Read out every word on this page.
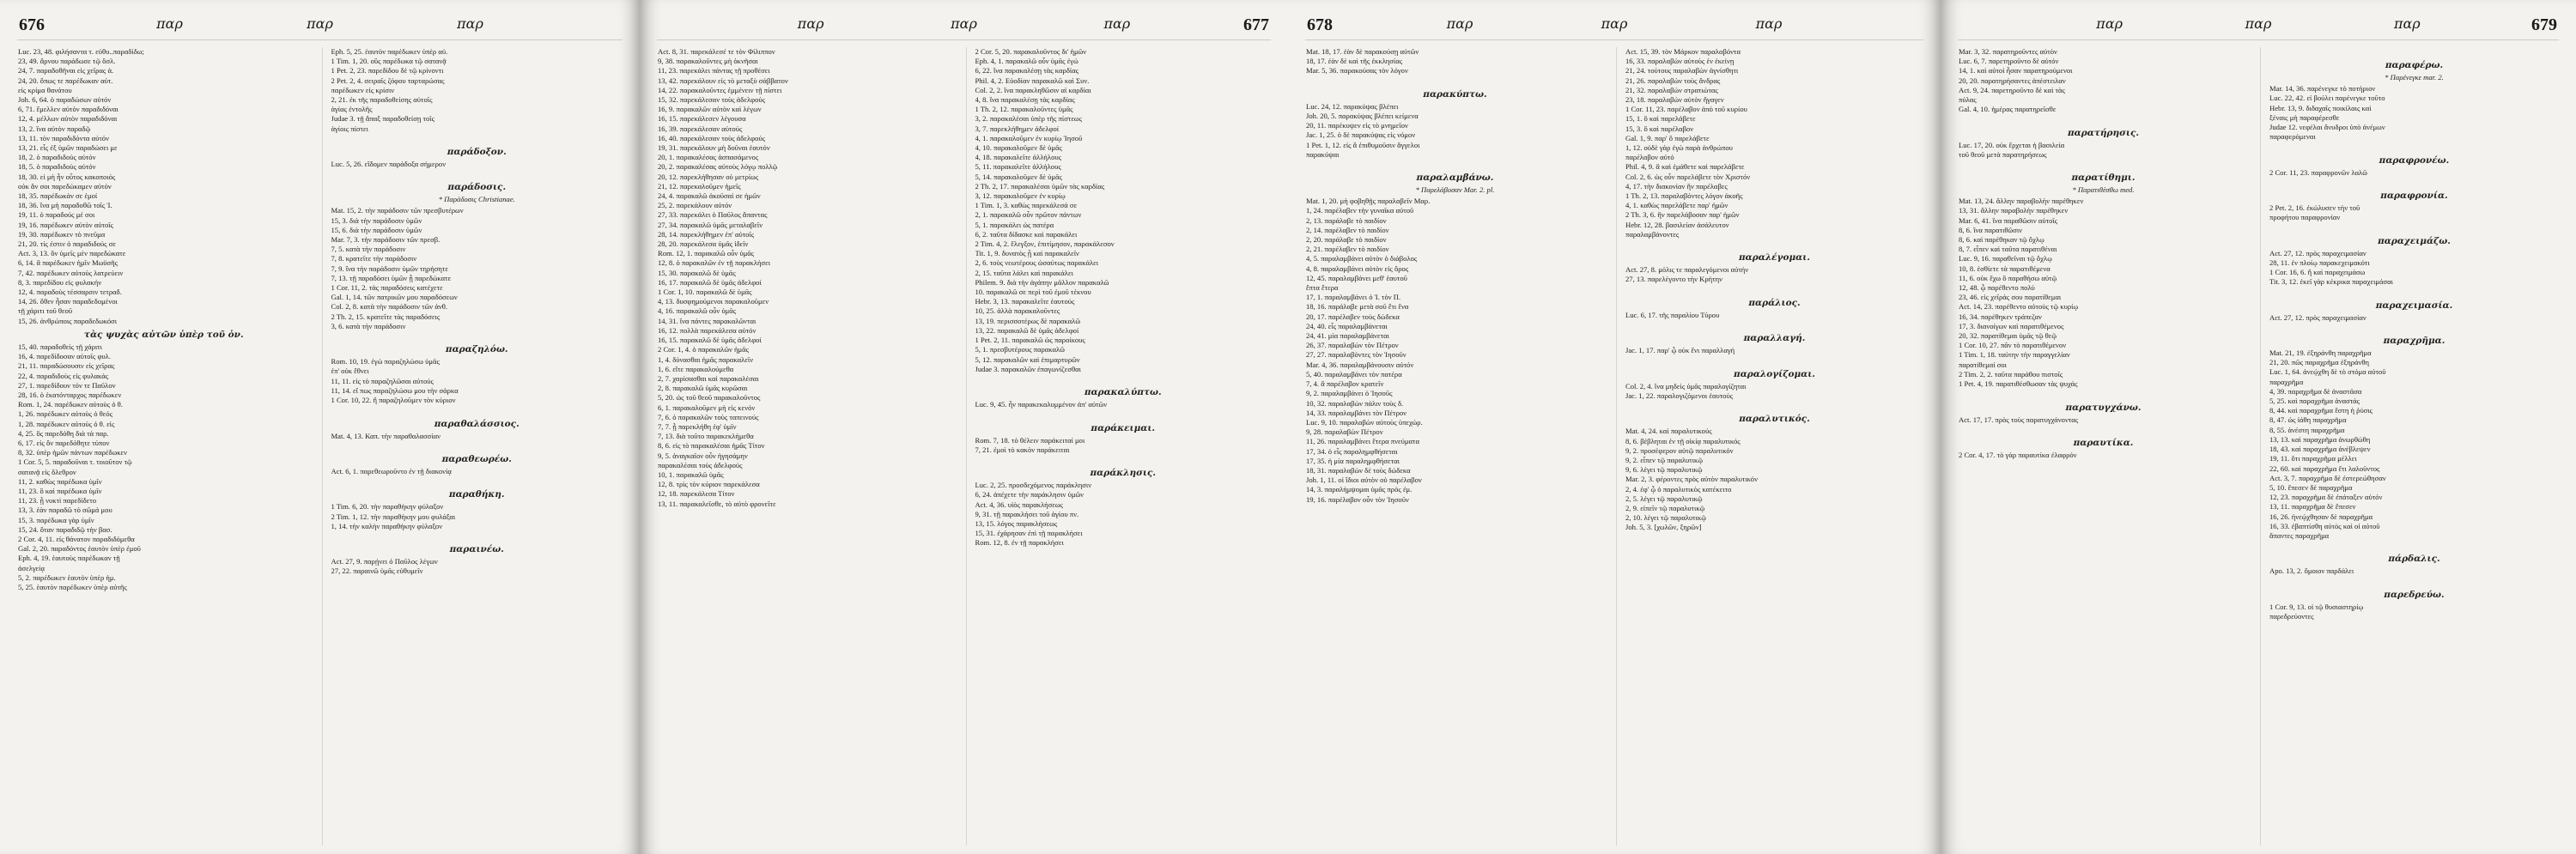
676	παρ	παρ	παρ
Luc. 23, 48. φιλήσαντα τ. εὐθυ..παραδίδω;
23, 49. ἄρνου παράδωσε τῷ ὅσλ.
24, 7. παραδοθῆναι εἰς χεῖρας ἀ.
24, 20. ὅπως τε παρέδωκαν αὐτ.
εἰς κρίμα θανάτου
Joh. 6, 64. ὁ παραδώσων αὐτόν
6, 71. ἔμελλεν αὐτὸν παραδιδόναι
12, 4. μέλλων αὐτὸν παραδιδόναι
13, 2. ἵνα αὐτὸν παραδῷ
13, 11. τὸν παραδιδόντα αὐτόν
13, 21. εἷς ἐξ ὑμῶν παραδώσει με
18, 2. ὁ παραδιδοὺς αὐτόν
18, 5. ὁ παραδιδοὺς αὐτόν
18, 30. εἰ μὴ ἦν οὗτος κακοποιός
οὐκ ἄν σοι παρεδώκαμεν αὐτόν
18, 35. παρέδωκάν σε ἐμοί
18, 36. ἵνα μὴ παραδοθῶ τοῖς Ἰ.
19, 11. ὁ παραδούς μέ σοι
19, 16. παρέδωκεν αὐτὸν αὐτοῖς
19, 30. παρέδωκεν τὸ πνεῦμα
21, 20. τίς ἐστιν ὁ παραδιδούς σε
Act. 3, 13. ὃν ὑμεῖς μὲν παρεδώκατε
6, 14. ἃ παρέδωκεν ἡμῖν Μωϋσῆς
7, 42. παρέδωκεν αὐτοὺς λατρεύειν
8, 3. παρεδίδου εἰς φυλακήν
12, 4. παραδοὺς τέσσαρσιν τετραδ.
14, 26. ὅθεν ἦσαν παραδεδομένοι
τῇ χάριτι τοῦ θεοῦ
15, 26. ἀνθρώποις παραδεδωκόσι
τὰς ψυχὰς αὐτῶν ὑπὲρ τοῦ ὀν.
15, 40. παραδοθεὶς τῇ χάριτι
16, 4. παρεδίδοσαν αὐτοῖς φυλ.
21, 11. παραδώσουσιν εἰς χεῖρας
22, 4. παραδιδοὺς εἰς φυλακάς
27, 1. παρεδίδουν τόν τε Παῦλον
28, 16. ὁ ἑκατόνταρχος παρέδωκεν
Rom. 1, 24. παρέδωκεν αὐτοὺς ὁ θ.
1, 26. παρέδωκεν αὐτοὺς ὁ θεός
1, 28. παρέδωκεν αὐτοὺς ὁ θ. εἰς
4, 25. ὃς παρεδόθη διὰ τὰ παρ.
6, 17. εἰς ὃν παρεδόθητε τύπον
8, 32. ὑπὲρ ἡμῶν πάντων παρέδωκεν
1 Cor. 5, 5. παραδοῦναι τ. τοιοῦτον τῷ
σατανᾷ εἰς ὄλεθρον
11, 2. καθὼς παρέδωκα ὑμῖν
11, 23. ὃ καὶ παρέδωκα ὑμῖν
11, 23. ᾗ νυκτὶ παρεδίδετο
13, 3. ἐὰν παραδῶ τὸ σῶμά μου
15, 3. παρέδωκα γὰρ ὑμῖν
15, 24. ὅταν παραδιδῷ τὴν βασ.
2 Cor. 4, 11. εἰς θάνατον παραδιδόμεθα
Gal. 2, 20. παραδόντος ἑαυτὸν ὑπὲρ ἐμοῦ
Eph. 4, 19. ἑαυτοὺς παρέδωκαν τῇ
ἀσελγείᾳ
5, 2. παρέδωκεν ἑαυτὸν ὑπὲρ ἡμ.
5, 25. ἑαυτὸν παρέδωκεν ὑπὲρ αὐτῆς
Eph. 5, 25. ἑαυτὸν παρέδωκεν ὑπὲρ αὐ.
1 Tim. 1, 20. οὓς παρέδωκα τῷ σατανᾷ
1 Pet. 2, 23. παρεδίδου δὲ τῷ κρίνοντι
2 Pet. 2, 4. σειραῖς ζόφου ταρταρώσας
παρέδωκεν εἰς κρίσιν
2, 21. ἐκ τῆς παραδοθείσης αὐτοῖς
ἁγίας ἐντολῆς
Judae 3. τῇ ἅπαξ παραδοθείσῃ τοῖς
ἁγίοις πίστει

παράδοξον.
Luc. 5, 26. εἴδομεν παράδοξα σήμερον

παράδοσις.
* Παράδοσις Christianae.
Mat. 15, 2. τὴν παράδοσιν τῶν πρεσβυτέρων
15, 3. διὰ τὴν παράδοσιν ὑμῶν
15, 6. διὰ τὴν παράδοσιν ὑμῶν
Mar. 7, 3. τὴν παράδοσιν τῶν πρεσβ.
7, 5. κατὰ τὴν παράδοσιν
7, 8. κρατεῖτε τὴν παράδοσιν
7, 9. ἵνα τὴν παράδοσιν ὑμῶν τηρήσητε
7, 13. τῇ παραδόσει ὑμῶν ᾗ παρεδώκατε
1 Cor. 11, 2. τὰς παραδόσεις κατέχετε
Gal. 1, 14. τῶν πατρικῶν μου παραδόσεων
Col. 2, 8. κατὰ τὴν παράδοσιν τῶν ἀνθ.
2 Th. 2, 15. κρατεῖτε τὰς παραδόσεις
3, 6. κατὰ τὴν παράδοσιν

παραζηλόω.
Rom. 10, 19. ἐγὼ παραζηλώσω ὑμᾶς
ἐπ' οὐκ ἔθνει
11, 11. εἰς τὸ παραζηλῶσαι αὐτούς
11, 14. εἴ πως παραζηλώσω μου τὴν σάρκα
1 Cor. 10, 22. ἢ παραζηλοῦμεν τὸν κύριον

παραθαλάσσιος.
Mat. 4, 13. Καπ. τὴν παραθαλασσίαν

παραθεωρέω.
Act. 6, 1. παρεθεωροῦντο ἐν τῇ διακονίᾳ

παραθήκη.
1 Tim. 6, 20. τὴν παραθήκην φύλαξον
2 Tim. 1, 12. τὴν παραθήκην μου φυλάξαι
1, 14. τὴν καλὴν παραθήκην φύλαξον

παραινέω.
Act. 27, 9. παρῄνει ὁ Παῦλος λέγων
27, 22. παραινῶ ὑμᾶς εὐθυμεῖν
παρ	παρ	παρ	677
Act. 8, 31. παρεκάλεσέ τε τὸν Φίλιππον
9, 38. παρακαλοῦντες μὴ ὀκνῆσαι
11, 23. παρεκάλει πάντας τῇ προθέσει
13, 42. παρεκάλουν εἰς τὸ μεταξὺ σάββατον
14, 22. παρακαλοῦντες ἐμμένειν τῇ πίστει
15, 32. παρεκάλεσαν τοὺς ἀδελφούς
16, 9. παρακαλῶν αὐτὸν καὶ λέγων
16, 15. παρεκάλεσεν λέγουσα
16, 39. παρεκάλεσαν αὐτούς
16, 40. παρεκάλεσαν τοὺς ἀδελφούς
19, 31. παρεκάλουν μὴ δοῦναι ἑαυτόν
20, 1. παρακαλέσας ἀσπασάμενος
20, 2. παρακαλέσας αὐτοὺς λόγῳ πολλῷ
20, 12. παρεκλήθησαν οὐ μετρίως
21, 12. παρεκαλοῦμεν ἡμεῖς
24, 4. παρακαλῶ ἀκοῦσαί σε ἡμῶν
25, 2. παρεκάλουν αὐτόν
27, 33. παρεκάλει ὁ Παῦλος ἅπαντας
27, 34. παρακαλῶ ὑμᾶς μεταλαβεῖν
28, 14. παρεκλήθημεν ἐπ' αὐτοῖς
28, 20. παρεκάλεσα ὑμᾶς ἰδεῖν
Rom. 12, 1. παρακαλῶ οὖν ὑμᾶς
12, 8. ὁ παρακαλῶν ἐν τῇ παρακλήσει
15, 30. παρακαλῶ δὲ ὑμᾶς
16, 17. παρακαλῶ δὲ ὑμᾶς ἀδελφοί
1 Cor. 1, 10. παρακαλῶ δὲ ὑμᾶς
4, 13. δυσφημούμενοι παρακαλοῦμεν
4, 16. παρακαλῶ οὖν ὑμᾶς
14, 31. ἵνα πάντες παρακαλῶνται
16, 12. πολλὰ παρεκάλεσα αὐτόν
16, 15. παρακαλῶ δὲ ὑμᾶς ἀδελφοί
2 Cor. 1, 4. ὁ παρακαλῶν ἡμᾶς
1, 4. δύνασθαι ἡμᾶς παρακαλεῖν
1, 6. εἴτε παρακαλούμεθα
2, 7. χαρίσασθαι καὶ παρακαλέσαι
2, 8. παρακαλῶ ὑμᾶς κυρῶσαι
5, 20. ὡς τοῦ θεοῦ παρακαλοῦντος
6, 1. παρακαλοῦμεν μὴ εἰς κενόν
7, 6. ὁ παρακαλῶν τοὺς ταπεινούς
7, 7. ᾗ παρεκλήθη ἐφ' ὑμῖν
7, 13. διὰ τοῦτο παρακεκλήμεθα
8, 6. εἰς τὸ παρακαλέσαι ἡμᾶς Τίτον
9, 5. ἀναγκαῖον οὖν ἡγησάμην
παρακαλέσαι τοὺς ἀδελφούς
10, 1. παρακαλῶ ὑμᾶς
12, 8. τρὶς τὸν κύριον παρεκάλεσα
12, 18. παρεκάλεσα Τίτον
13, 11. παρακαλεῖσθε, τὸ αὐτὸ φρονεῖτε
2 Cor. 5, 20. παρακαλοῦντος δι' ἡμῶν
Eph. 4, 1. παρακαλῶ οὖν ὑμᾶς ἐγώ
6, 22. ἵνα παρακαλέσῃ τὰς καρδίας
Phil. 4, 2. Εὐοδίαν παρακαλῶ καὶ Συν.
Col. 2, 2. ἵνα παρακληθῶσιν αἱ καρδίαι
4, 8. ἵνα παρακαλέσῃ τὰς καρδίας
1 Th. 2, 12. παρακαλοῦντες ὑμᾶς
3, 2. παρακαλέσαι ὑπὲρ τῆς πίστεως
3, 7. παρεκλήθημεν ἀδελφοί
4, 1. παρακαλοῦμεν ἐν κυρίῳ Ἰησοῦ
4, 10. παρακαλοῦμεν δὲ ὑμᾶς
4, 18. παρακαλεῖτε ἀλλήλους
5, 11. παρακαλεῖτε ἀλλήλους
5, 14. παρακαλοῦμεν δὲ ὑμᾶς
2 Th. 2, 17. παρακαλέσαι ὑμῶν τὰς καρδίας
3, 12. παρακαλοῦμεν ἐν κυρίῳ
1 Tim. 1, 3. καθὼς παρεκάλεσά σε
2, 1. παρακαλῶ οὖν πρῶτον πάντων
5, 1. παρακάλει ὡς πατέρα
6, 2. ταῦτα δίδασκε καὶ παρακάλει
2 Tim. 4, 2. ἔλεγξον, ἐπιτίμησον, παρακάλεσον
Tit. 1, 9. δυνατὸς ᾖ καὶ παρακαλεῖν
2, 6. τοὺς νεωτέρους ὡσαύτως παρακάλει
2, 15. ταῦτα λάλει καὶ παρακάλει
Philem. 9. διὰ τὴν ἀγάπην μᾶλλον παρακαλῶ
10. παρακαλῶ σε περὶ τοῦ ἐμοῦ τέκνου
Hebr. 3, 13. παρακαλεῖτε ἑαυτούς
10, 25. ἀλλὰ παρακαλοῦντες
13, 19. περισσοτέρως δὲ παρακαλῶ
13, 22. παρακαλῶ δὲ ὑμᾶς ἀδελφοί
1 Pet. 2, 11. παρακαλῶ ὡς παροίκους
5, 1. πρεσβυτέρους παρακαλῶ
5, 12. παρακαλῶν καὶ ἐπιμαρτυρῶν
Judae 3. παρακαλῶν ἐπαγωνίζεσθαι

παρακαλύπτω.
Luc. 9, 45. ἦν παρακεκαλυμμένον ἀπ' αὐτῶν

παράκειμαι.
Rom. 7, 18. τὸ θέλειν παράκειταί μοι
7, 21. ἐμοὶ τὸ κακὸν παράκειται

παράκλησις.
Luc. 2, 25. προσδεχόμενος παράκλησιν
6, 24. ἀπέχετε τὴν παράκλησιν ὑμῶν
Act. 4, 36. υἱὸς παρακλήσεως
9, 31. τῇ παρακλήσει τοῦ ἁγίου πν.
13, 15. λόγος παρακλήσεως
15, 31. ἐχάρησαν ἐπὶ τῇ παρακλήσει
Rom. 12, 8. ἐν τῇ παρακλήσει
678	παρ	παρ	παρ
Mat. 18, 17. ἐὰν δὲ παρακούσῃ αὐτῶν
18, 17. ἐὰν δὲ καὶ τῆς ἐκκλησίας
Mar. 5, 36. παρακούσας τὸν λόγον

παρακύπτω.
Luc. 24, 12. παρακύψας βλέπει
Joh. 20, 5. παρακύψας βλέπει κείμενα
20, 11. παρέκυψεν εἰς τὸ μνημεῖον
Jac. 1, 25. ὁ δὲ παρακύψας εἰς νόμον
1 Pet. 1, 12. εἰς ἃ ἐπιθυμοῦσιν ἄγγελοι
παρακύψαι

παραλαμβάνω.
* Παρελάβοσαν Mar. 2. pl.
Mat. 1, 20. μὴ φοβηθῇς παραλαβεῖν Μαρ.
1, 24. παρέλαβεν τὴν γυναῖκα αὐτοῦ
2, 13. παράλαβε τὸ παιδίον
2, 14. παρέλαβεν τὸ παιδίον
2, 20. παράλαβε τὸ παιδίον
2, 21. παρέλαβεν τὸ παιδίον
4, 5. παραλαμβάνει αὐτὸν ὁ διάβολος
4, 8. παραλαμβάνει αὐτὸν εἰς ὄρος
12, 45. παραλαμβάνει μεθ' ἑαυτοῦ
ἕπτα ἕτερα
17, 1. παραλαμβάνει ὁ Ἰ. τὸν Π.
18, 16. παράλαβε μετὰ σοῦ ἔτι ἕνα
20, 17. παρέλαβεν τοὺς δώδεκα
24, 40. εἷς παραλαμβάνεται
24, 41. μία παραλαμβάνεται
26, 37. παραλαβὼν τὸν Πέτρον
27, 27. παραλαβόντες τὸν Ἰησοῦν
Mar. 4, 36. παραλαμβάνουσιν αὐτόν
5, 40. παραλαμβάνει τὸν πατέρα
7, 4. ἃ παρέλαβον κρατεῖν
9, 2. παραλαμβάνει ὁ Ἰησοῦς
10, 32. παραλαβὼν πάλιν τοὺς δ.
14, 33. παραλαμβάνει τὸν Πέτρον
Luc. 9, 10. παραλαβὼν αὐτοὺς ὑπεχώρ.
9, 28. παραλαβὼν Πέτρον
11, 26. παραλαμβάνει ἕτερα πνεύματα
17, 34. ὁ εἷς παραλημφθήσεται
17, 35. ἡ μία παραλημφθήσεται
18, 31. παραλαβὼν δὲ τοὺς δώδεκα
Joh. 1, 11. οἱ ἴδιοι αὐτὸν οὐ παρέλαβον
14, 3. παραλήμψομαι ὑμᾶς πρὸς ἐμ.
19, 16. παρέλαβον οὖν τὸν Ἰησοῦν
Act. 15, 39. τὸν Μάρκον παραλαβόντα
16, 33. παραλαβὼν αὐτοὺς ἐν ἐκείνῃ
21, 24. τούτους παραλαβὼν ἁγνίσθητι
21, 26. παραλαβὼν τοὺς ἄνδρας
21, 32. παραλαβὼν στρατιώτας
23, 18. παραλαβὼν αὐτὸν ἤγαγεν
1 Cor. 11, 23. παρέλαβον ἀπὸ τοῦ κυρίου
15, 1. ὃ καὶ παρελάβετε
15, 3. ὃ καὶ παρέλαβον
Gal. 1, 9. παρ' ὃ παρελάβετε
1, 12. οὐδὲ γὰρ ἐγὼ παρὰ ἀνθρώπου
παρέλαβον αὐτό
Phil. 4, 9. ἃ καὶ ἐμάθετε καὶ παρελάβετε
Col. 2, 6. ὡς οὖν παρελάβετε τὸν Χριστόν
4, 17. τὴν διακονίαν ἣν παρέλαβες
1 Th. 2, 13. παραλαβόντες λόγον ἀκοῆς
4, 1. καθὼς παρελάβετε παρ' ἡμῶν
2 Th. 3, 6. ἣν παρελάβοσαν παρ' ἡμῶν
Hebr. 12, 28. βασιλείαν ἀσάλευτον
παραλαμβάνοντες

παραλέγομαι.
Act. 27, 8. μόλις τε παραλεγόμενοι αὐτήν
27, 13. παρελέγοντο τὴν Κρήτην

παράλιος.
Luc. 6, 17. τῆς παραλίου Τύρου

παραλλαγή.
Jac. 1, 17. παρ' ᾧ οὐκ ἔνι παραλλαγή

παραλογίζομαι.
Col. 2, 4. ἵνα μηδεὶς ὑμᾶς παραλογίζηται
Jac. 1, 22. παραλογιζόμενοι ἑαυτούς

παραλυτικός.
Mat. 4, 24. καὶ παραλυτικούς
8, 6. βέβληται ἐν τῇ οἰκίᾳ παραλυτικός
9, 2. προσέφερον αὐτῷ παραλυτικόν
9, 2. εἶπεν τῷ παραλυτικῷ
9, 6. λέγει τῷ παραλυτικῷ
Mar. 2, 3. φέροντες πρὸς αὐτὸν παραλυτικόν
2, 4. ἐφ' ᾧ ὁ παραλυτικὸς κατέκειτο
2, 5. λέγει τῷ παραλυτικῷ
2, 9. εἰπεῖν τῷ παραλυτικῷ
2, 10. λέγει τῷ παραλυτικῷ
Joh. 5, 3. [χωλῶν, ξηρῶν]
παρ	παρ	παρ	679
Mar. 3, 32. παρατηροῦντες αὐτὸν
Luc. 6, 7. παρετηροῦντο δὲ αὐτόν
14, 1. καὶ αὐτοὶ ἦσαν παρατηρούμενοι
20, 20. παρατηρήσαντες ἀπέστειλαν
Act. 9, 24. παρετηροῦντο δὲ καὶ τὰς
πύλας
Gal. 4, 10. ἡμέρας παρατηρεῖσθε

παρατήρησις.
Luc. 17, 20. οὐκ ἔρχεται ἡ βασιλεία
τοῦ θεοῦ μετὰ παρατηρήσεως

παρατίθημι.
* Παρατιθέσθω med.
Mat. 13, 24. ἄλλην παραβολὴν παρέθηκεν
13, 31. ἄλλην παραβολὴν παρέθηκεν
Mar. 6, 41. ἵνα παραθῶσιν αὐτοῖς
8, 6. ἵνα παρατιθῶσιν
8, 6. καὶ παρέθηκαν τῷ ὄχλῳ
8, 7. εἶπεν καὶ ταῦτα παρατιθέναι
Luc. 9, 16. παραθεῖναι τῷ ὄχλῳ
10, 8. ἐσθίετε τὰ παρατιθέμενα
11, 6. οὐκ ἔχω ὃ παραθήσω αὐτῷ
12, 48. ᾧ παρέθεντο πολύ
23, 46. εἰς χεῖράς σου παρατίθεμαι
Act. 14, 23. παρέθεντο αὐτοὺς τῷ κυρίῳ
16, 34. παρέθηκεν τράπεζαν
17, 3. διανοίγων καὶ παρατιθέμενος
20, 32. παρατίθεμαι ὑμᾶς τῷ θεῷ
1 Cor. 10, 27. πᾶν τὸ παρατιθέμενον
1 Tim. 1, 18. ταύτην τὴν παραγγελίαν
παρατίθεμαί σοι
2 Tim. 2, 2. ταῦτα παράθου πιστοῖς
1 Pet. 4, 19. παρατιθέσθωσαν τὰς ψυχάς

παρατυγχάνω.
Act. 17, 17. πρὸς τοὺς παρατυγχάνοντας

παραυτίκα.
2 Cor. 4, 17. τὸ γὰρ παραυτίκα ἐλαφρόν

παραφέρω.
* Παρένεγκε mar. 2.
Mar. 14, 36. παρένεγκε τὸ ποτήριον
Luc. 22, 42. εἰ βούλει παρένεγκε τοῦτο
Hebr. 13, 9. διδαχαῖς ποικίλαις καὶ
ξέναις μὴ παραφέρεσθε
Judae 12. νεφέλαι ἄνυδροι ὑπὸ ἀνέμων
παραφερόμεναι

παραφρονέω.
2 Cor. 11, 23. παραφρονῶν λαλῶ

παραφρονία.
2 Pet. 2, 16. ἐκώλυσεν τὴν τοῦ
προφήτου παραφρονίαν

παραχειμάζω.
Act. 27, 12. πρὸς παραχειμασίαν
28, 11. ἐν πλοίῳ παρακεχειμακότι
1 Cor. 16, 6. ἢ καὶ παραχειμάσω
Tit. 3, 12. ἐκεῖ γὰρ κέκρικα παραχειμάσαι

παραχειμασία.
Act. 27, 12. πρὸς παραχειμασίαν

παραχρῆμα.
Mat. 21, 19. ἐξηράνθη παραχρῆμα
21, 20. πῶς παραχρῆμα ἐξηράνθη
Luc. 1, 64. ἀνεῴχθη δὲ τὸ στόμα αὐτοῦ
παραχρῆμα
4, 39. παραχρῆμα δὲ ἀναστᾶσα
5, 25. καὶ παραχρῆμα ἀναστάς
8, 44. καὶ παραχρῆμα ἔστη ἡ ῥύσις
8, 47. ὡς ἰάθη παραχρῆμα
8, 55. ἀνέστη παραχρῆμα
13, 13. καὶ παραχρῆμα ἀνωρθώθη
18, 43. καὶ παραχρῆμα ἀνέβλεψεν
19, 11. ὅτι παραχρῆμα μέλλει
22, 60. καὶ παραχρῆμα ἔτι λαλοῦντος
Act. 3, 7. παραχρῆμα δὲ ἐστερεώθησαν
5, 10. ἔπεσεν δὲ παραχρῆμα
12, 23. παραχρῆμα δὲ ἐπάταξεν αὐτόν
13, 11. παραχρῆμα δὲ ἔπεσεν
16, 26. ἠνεῴχθησαν δὲ παραχρῆμα
16, 33. ἐβαπτίσθη αὐτὸς καὶ οἱ αὐτοῦ
ἅπαντες παραχρῆμα

πάρδαλις.
Apo. 13, 2. ὅμοιον παρδάλει

παρεδρεύω.
1 Cor. 9, 13. οἱ τῷ θυσιαστηρίῳ
παρεδρεύοντες
